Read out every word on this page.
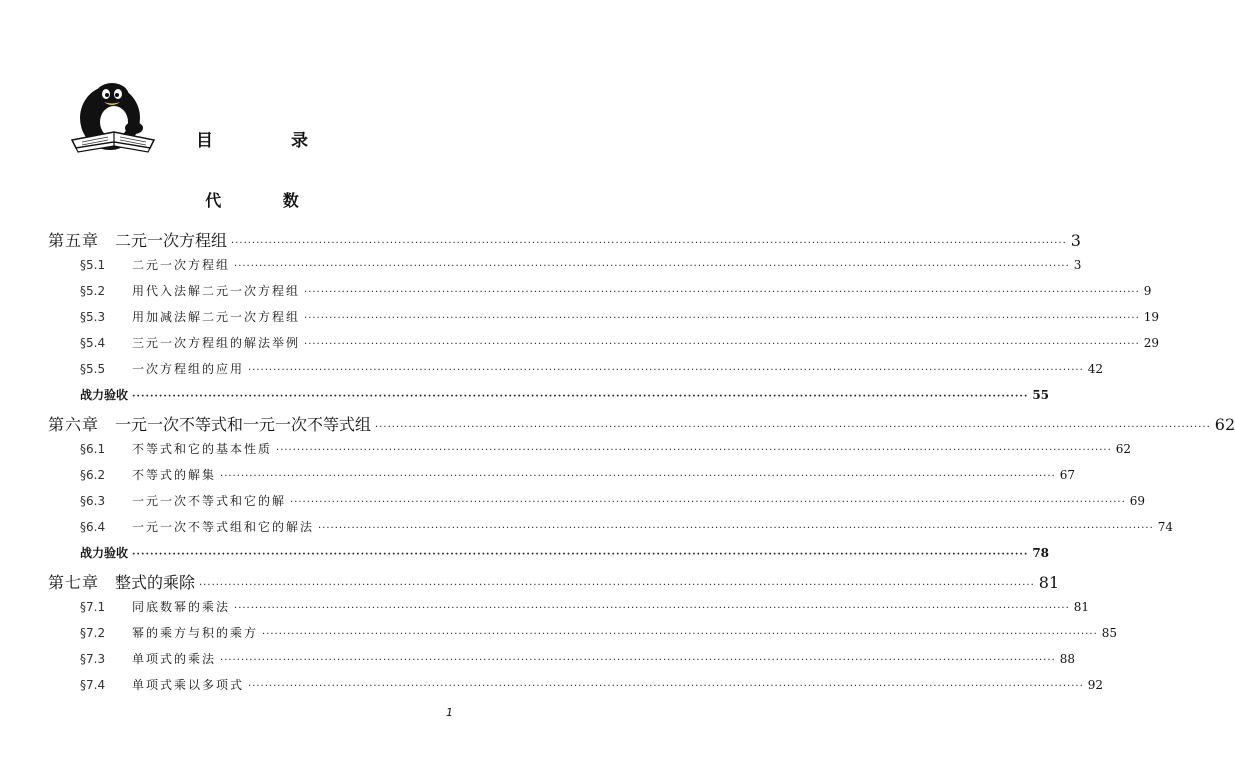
目 录
代 数
第五章 二元一次方程组 ········································································································································································································ 3
§5.1 二元一次方程组 ········································································································································································································ 3
§5.2 用代入法解二元一次方程组 ········································································································································································································ 9
§5.3 用加减法解二元一次方程组 ········································································································································································································ 19
§5.4 三元一次方程组的解法举例 ········································································································································································································ 29
§5.5 一次方程组的应用 ········································································································································································································ 42
战力验收 ········································································································································································································ 55
第六章 一元一次不等式和一元一次不等式组 ········································································································································································································ 62
§6.1 不等式和它的基本性质 ········································································································································································································ 62
§6.2 不等式的解集 ········································································································································································································ 67
§6.3 一元一次不等式和它的解 ········································································································································································································ 69
§6.4 一元一次不等式组和它的解法 ········································································································································································································ 74
战力验收 ········································································································································································································ 78
第七章 整式的乘除 ········································································································································································································ 81
§7.1 同底数幂的乘法 ········································································································································································································ 81
§7.2 幂的乘方与积的乘方 ········································································································································································································ 85
§7.3 单项式的乘法 ········································································································································································································ 88
§7.4 单项式乘以多项式 ········································································································································································································ 92
1
